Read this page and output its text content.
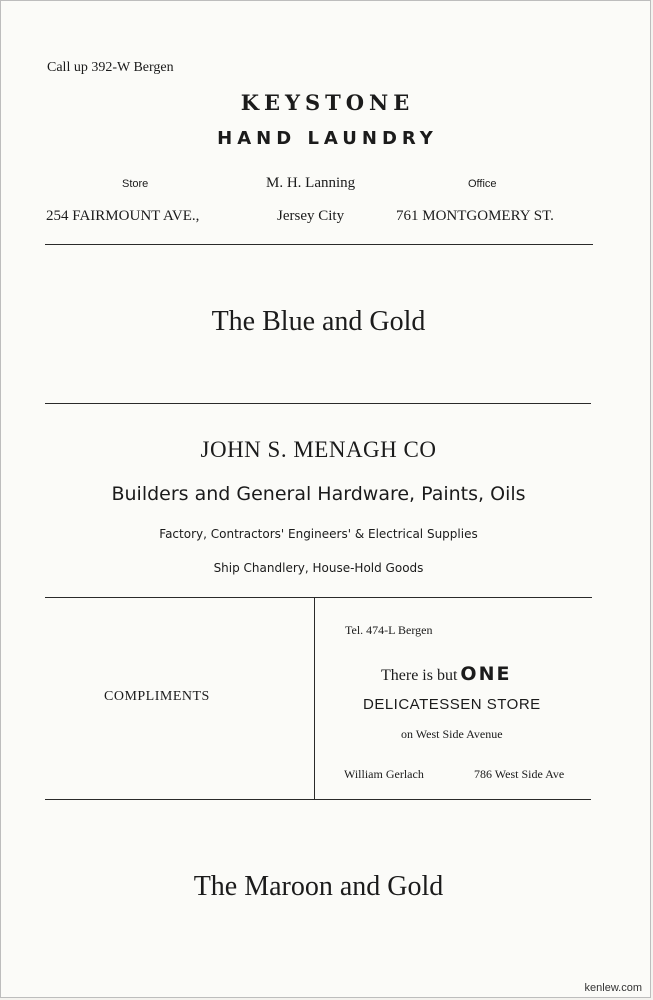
Call up 392-W Bergen
KEYSTONE
HAND LAUNDRY
Store	M. H. Lanning	Office
254 FAIRMOUNT AVE.,	Jersey City	761 MONTGOMERY ST.
The Blue and Gold
JOHN S. MENAGH CO
Builders and General Hardware, Paints, Oils
Factory, Contractors' Engineers' & Electrical Supplies
Ship Chandlery, House-Hold Goods
COMPLIMENTS
Tel. 474-L Bergen
There is but ONE
DELICATESSEN STORE
on West Side Avenue
William Gerlach	786 West Side Ave
The Maroon and Gold
kenlew.com
